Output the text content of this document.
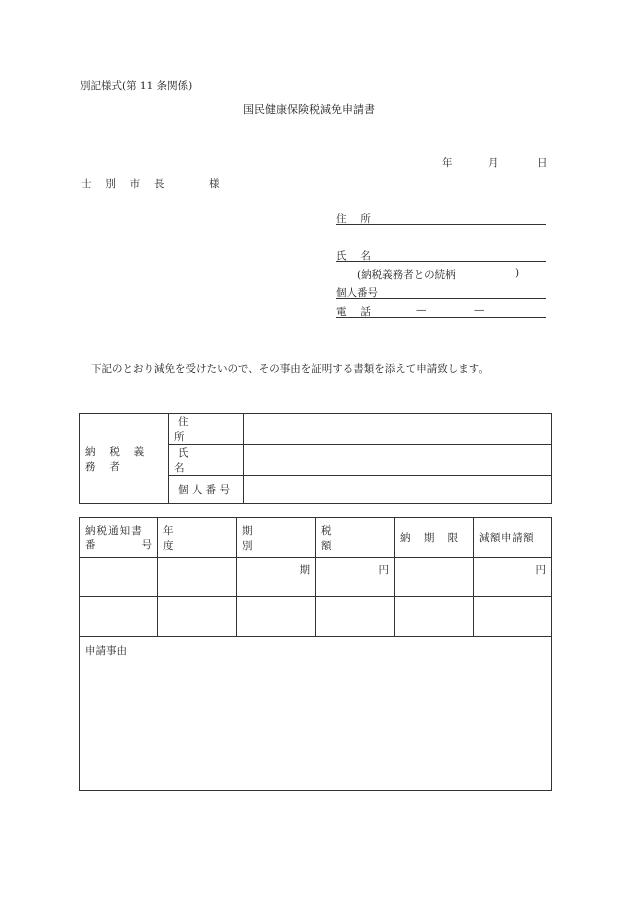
別記様式(第 11 条関係)
国民健康保険税減免申請書
年	月	日
士 別 市 長	様
住 所
氏 名
(納税義務者との続柄	)
個人番号
電 話	—	—
下記のとおり減免を受けたいので、その事由を証明する書類を添えて申請致します。
納 税 義 務 者	住 所	
	氏 名	
	個 人 番 号	
納税通知書
番 号	年 度	期 別	税 額	納 期 限	減額申請額
		期	円		円

申請事由					
